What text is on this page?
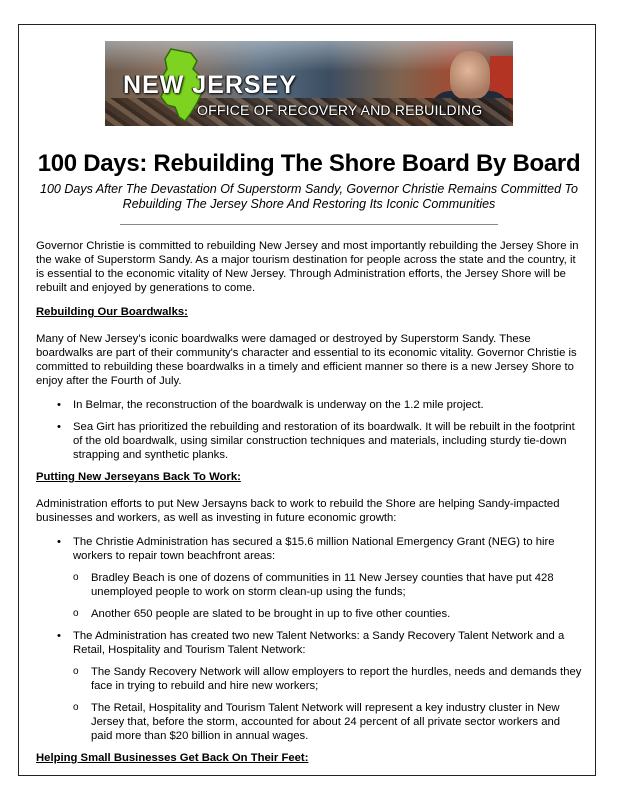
NEW JERSEY
OFFICE OF RECOVERY AND REBUILDING
100 Days: Rebuilding The Shore Board By Board

100 Days After The Devastation Of Superstorm Sandy, Governor Christie Remains Committed To Rebuilding The Jersey Shore And Restoring Its Iconic Communities

Governor Christie is committed to rebuilding New Jersey and most importantly rebuilding the Jersey Shore in the wake of Superstorm Sandy. As a major tourism destination for people across the state and the country, it is essential to the economic vitality of New Jersey. Through Administration efforts, the Jersey Shore will be rebuilt and enjoyed by generations to come.

Rebuilding Our Boardwalks:

Many of New Jersey's iconic boardwalks were damaged or destroyed by Superstorm Sandy. These boardwalks are part of their community's character and essential to its economic vitality. Governor Christie is committed to rebuilding these boardwalks in a timely and efficient manner so there is a new Jersey Shore to enjoy after the Fourth of July.

• In Belmar, the reconstruction of the boardwalk is underway on the 1.2 mile project.
• Sea Girt has prioritized the rebuilding and restoration of its boardwalk. It will be rebuilt in the footprint of the old boardwalk, using similar construction techniques and materials, including sturdy tie-down strapping and synthetic planks.
Putting New Jerseyans Back To Work:

Administration efforts to put New Jersayns back to work to rebuild the Shore are helping Sandy-impacted businesses and workers, as well as investing in future economic growth:

• The Christie Administration has secured a $15.6 million National Emergency Grant (NEG) to hire workers to repair town beachfront areas:
o Bradley Beach is one of dozens of communities in 11 New Jersey counties that have put 428 unemployed people to work on storm clean-up using the funds;
o Another 650 people are slated to be brought in up to five other counties.
• The Administration has created two new Talent Networks: a Sandy Recovery Talent Network and a Retail, Hospitality and Tourism Talent Network:
o The Sandy Recovery Network will allow employers to report the hurdles, needs and demands they face in trying to rebuild and hire new workers;
o The Retail, Hospitality and Tourism Talent Network will represent a key industry cluster in New Jersey that, before the storm, accounted for about 24 percent of all private sector workers and paid more than $20 billion in annual wages.
Helping Small Businesses Get Back On Their Feet:
